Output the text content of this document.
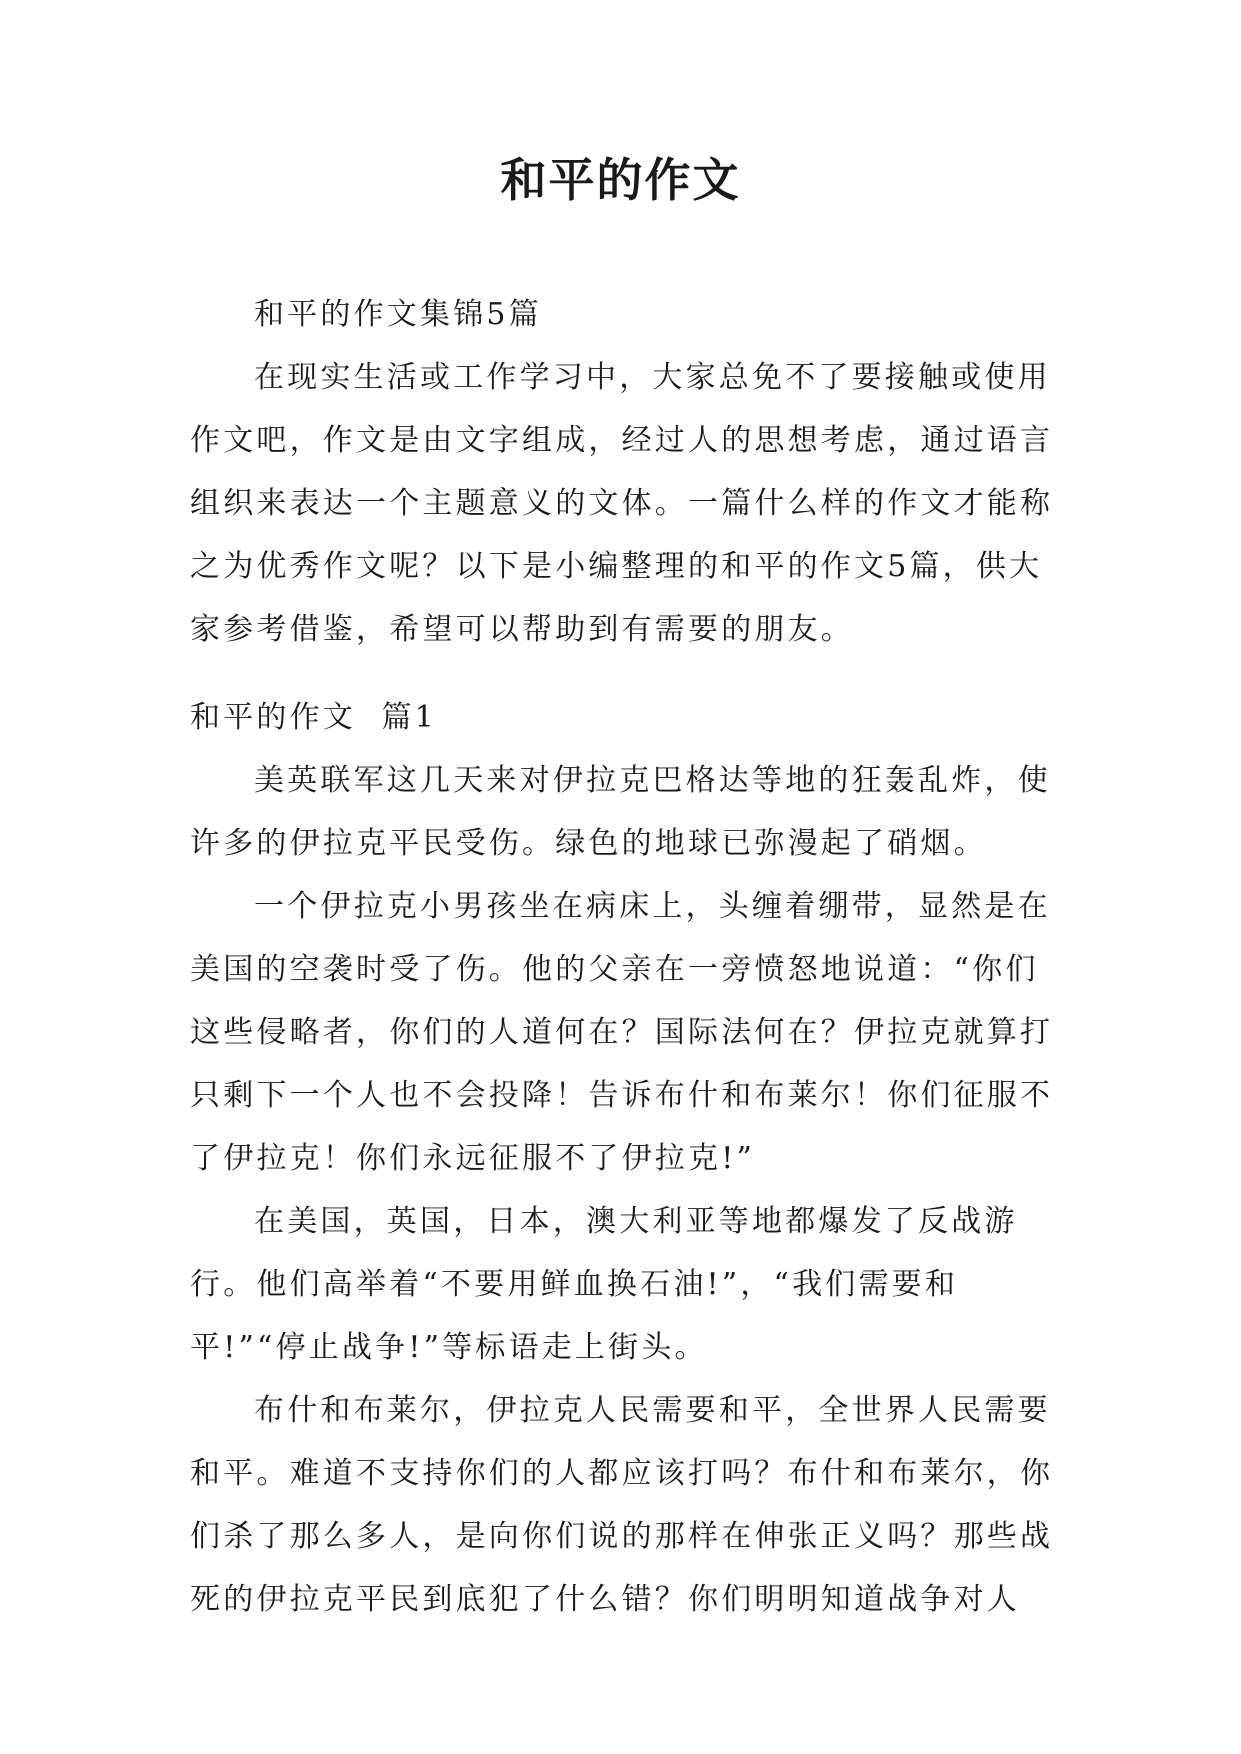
和平的作文

和平的作文集锦5篇

在现实生活或工作学习中，大家总免不了要接触或使用作文吧，作文是由文字组成，经过人的思想考虑，通过语言组织来表达一个主题意义的文体。一篇什么样的作文才能称之为优秀作文呢？以下是小编整理的和平的作文5篇，供大家参考借鉴，希望可以帮助到有需要的朋友。

和平的作文  篇1

美英联军这几天来对伊拉克巴格达等地的狂轰乱炸，使许多的伊拉克平民受伤。绿色的地球已弥漫起了硝烟。

一个伊拉克小男孩坐在病床上，头缠着绷带，显然是在美国的空袭时受了伤。他的父亲在一旁愤怒地说道：“你们这些侵略者，你们的人道何在？国际法何在？伊拉克就算打只剩下一个人也不会投降！告诉布什和布莱尔！你们征服不了伊拉克！你们永远征服不了伊拉克!”

在美国，英国，日本，澳大利亚等地都爆发了反战游行。他们高举着“不要用鲜血换石油!”，“我们需要和平!”“停止战争!”等标语走上街头。

布什和布莱尔，伊拉克人民需要和平，全世界人民需要和平。难道不支持你们的人都应该打吗？布什和布莱尔，你们杀了那么多人，是向你们说的那样在伸张正义吗？那些战死的伊拉克平民到底犯了什么错？你们明明知道战争对人
